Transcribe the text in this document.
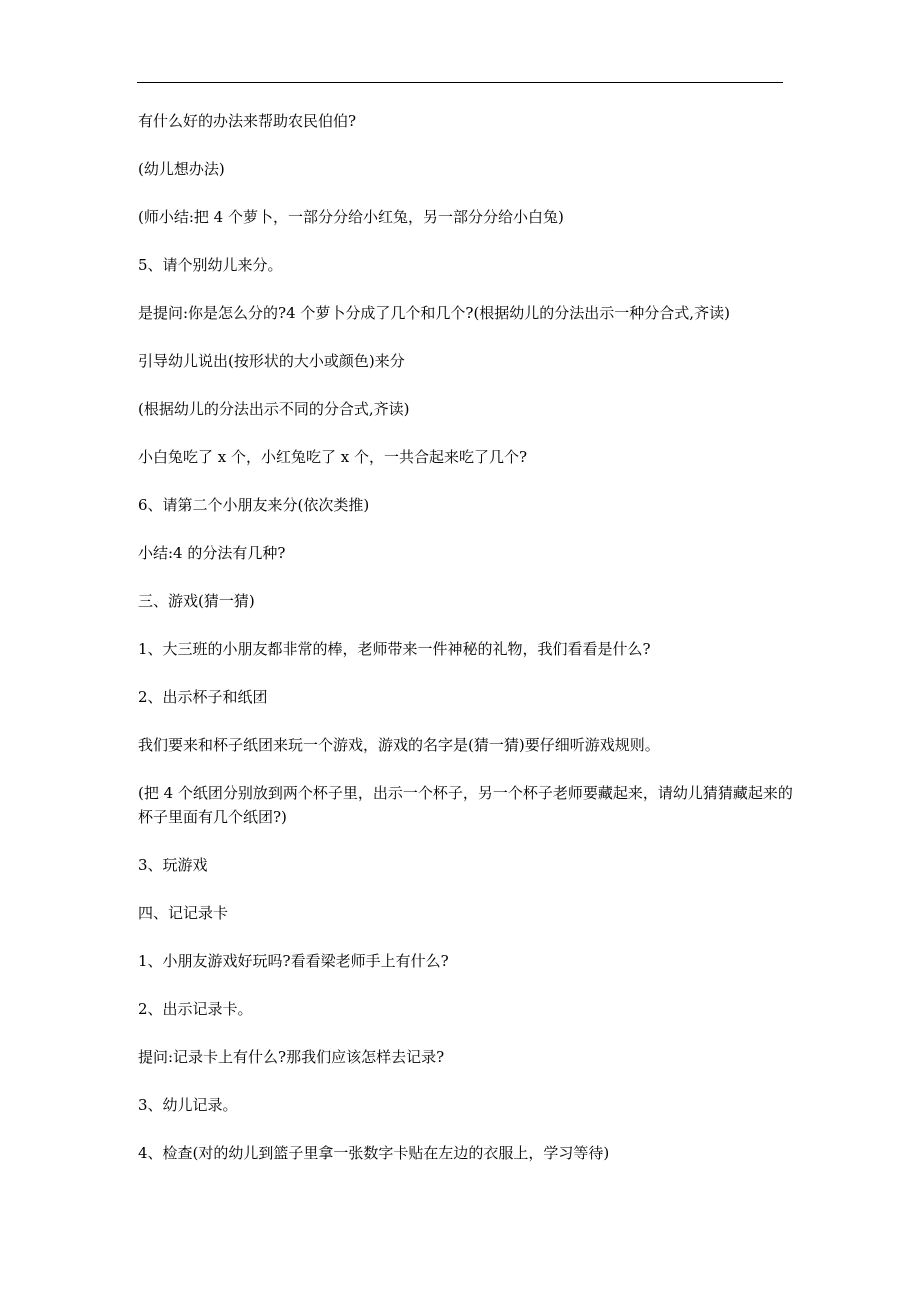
有什么好的办法来帮助农民伯伯?

(幼儿想办法)

(师小结:把 4 个萝卜，一部分分给小红兔，另一部分分给小白兔)

5、请个别幼儿来分。

是提问:你是怎么分的?4 个萝卜分成了几个和几个?(根据幼儿的分法出示一种分合式,齐读)

引导幼儿说出(按形状的大小或颜色)来分

(根据幼儿的分法出示不同的分合式,齐读)

小白兔吃了 x 个，小红兔吃了 x 个，一共合起来吃了几个?

6、请第二个小朋友来分(依次类推)

小结:4 的分法有几种?

三、游戏(猜一猜)

1、大三班的小朋友都非常的棒，老师带来一件神秘的礼物，我们看看是什么?

2、出示杯子和纸团

我们要来和杯子纸团来玩一个游戏，游戏的名字是(猜一猜)要仔细听游戏规则。

(把 4 个纸团分别放到两个杯子里，出示一个杯子，另一个杯子老师要藏起来，请幼儿猜猜藏起来的杯子里面有几个纸团?)

3、玩游戏

四、记记录卡

1、小朋友游戏好玩吗?看看梁老师手上有什么?

2、出示记录卡。

提问:记录卡上有什么?那我们应该怎样去记录?

3、幼儿记录。

4、检查(对的幼儿到篮子里拿一张数字卡贴在左边的衣服上，学习等待)
